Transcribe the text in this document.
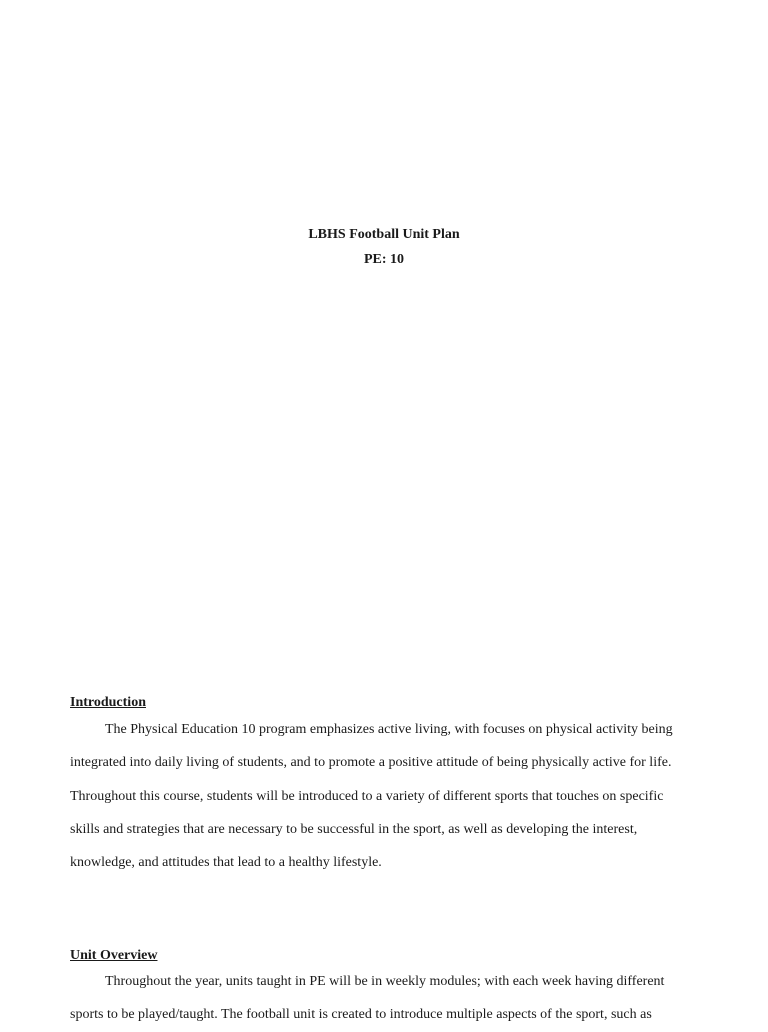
LBHS Football Unit Plan
PE: 10
Introduction
The Physical Education 10 program emphasizes active living, with focuses on physical activity being
integrated into daily living of students, and to promote a positive attitude of being physically active for life.
Throughout this course, students will be introduced to a variety of different sports that touches on specific
skills and strategies that are necessary to be successful in the sport, as well as developing the interest,
knowledge, and attitudes that lead to a healthy lifestyle.
Unit Overview
Throughout the year, units taught in PE will be in weekly modules; with each week having different
sports to be played/taught. The football unit is created to introduce multiple aspects of the sport, such as
